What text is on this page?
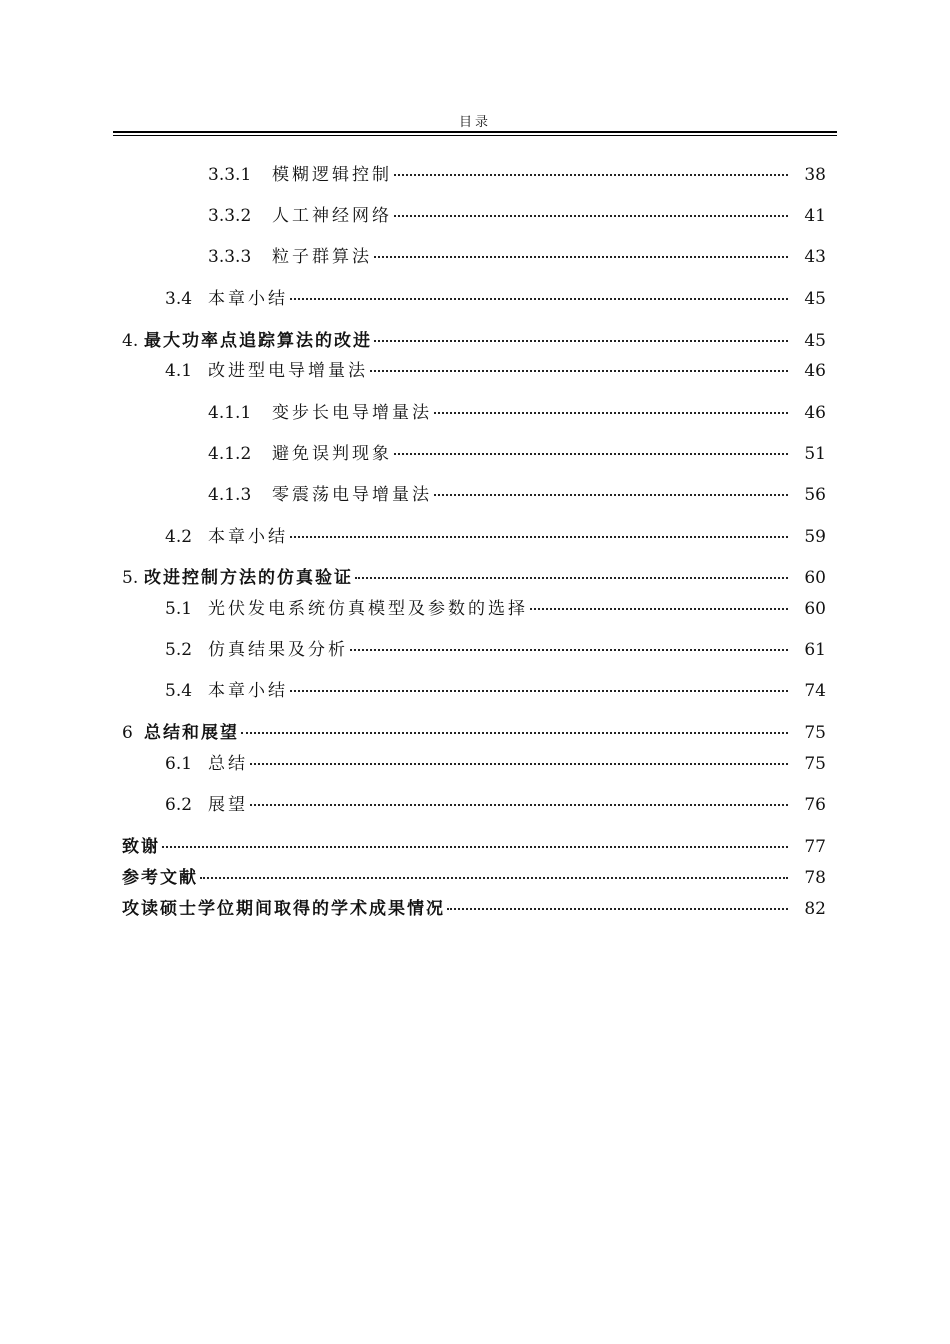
目录
3.3.1	模糊逻辑控制	38
3.3.2	人工神经网络	41
3.3.3	粒子群算法	43
3.4 本章小结	45
4. 最大功率点追踪算法的改进	45
4.1 改进型电导增量法	46
4.1.1	变步长电导增量法	46
4.1.2	避免误判现象	51
4.1.3	零震荡电导增量法	56
4.2 本章小结	59
5. 改进控制方法的仿真验证	60
5.1 光伏发电系统仿真模型及参数的选择	60
5.2 仿真结果及分析	61
5.4 本章小结	74
6 总结和展望	75
6.1 总结	75
6.2 展望	76
致谢	77
参考文献	78
攻读硕士学位期间取得的学术成果情况	82
